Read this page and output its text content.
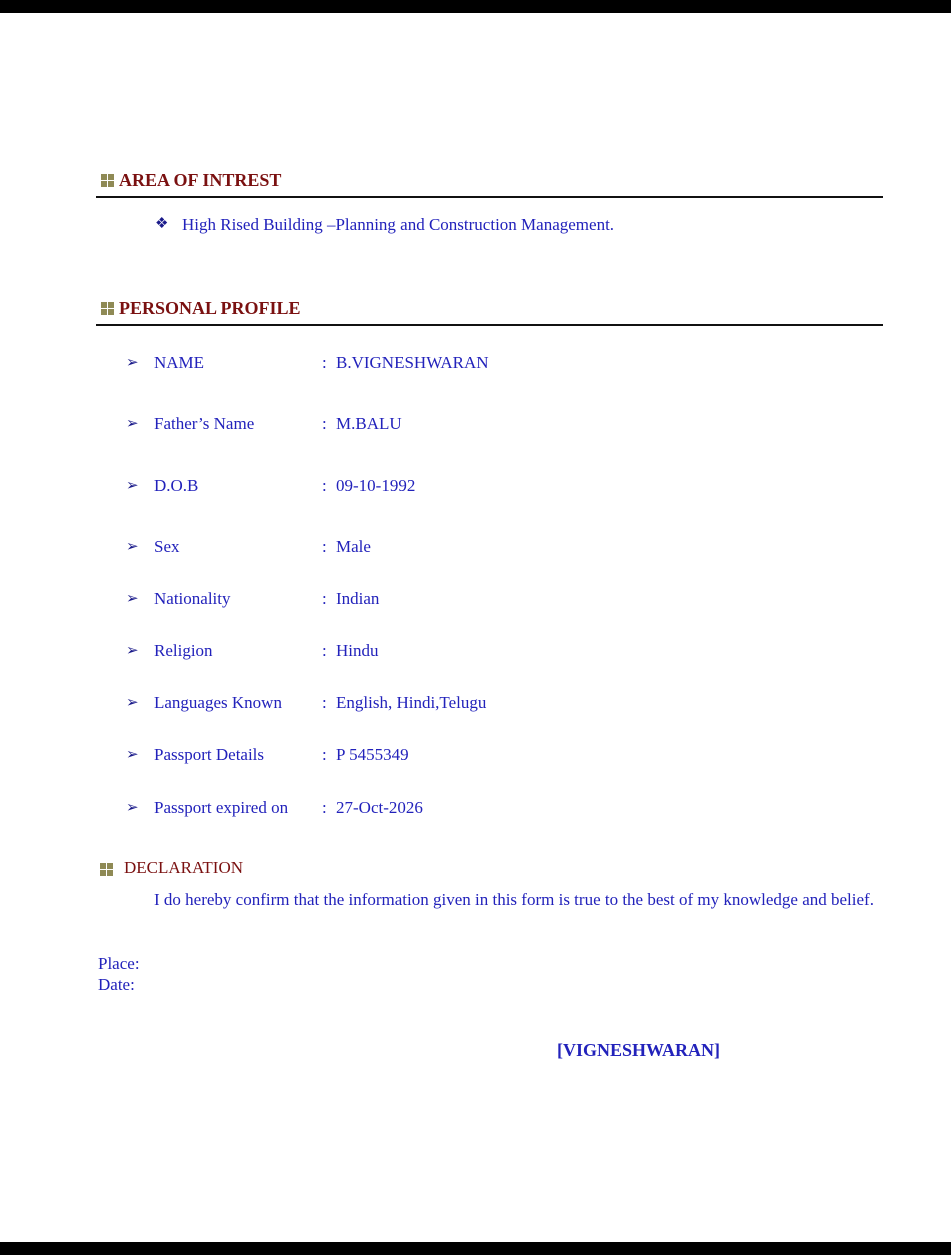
AREA OF INTREST
❖ High Rised Building –Planning and Construction Management.
PERSONAL PROFILE
➢ NAME	: B.VIGNESHWARAN
➢ Father’s Name	: M.BALU
➢ D.O.B	: 09-10-1992
➢ Sex	: Male
➢ Nationality	: Indian
➢ Religion	: Hindu
➢ Languages Known : English, Hindi,Telugu
➢ Passport Details	: P 5455349
➢ Passport expired on : 27-Oct-2026
DECLARATION
I do hereby confirm that the information given in this form is true to the best of my knowledge and belief.
Place:
Date:
[VIGNESHWARAN]
